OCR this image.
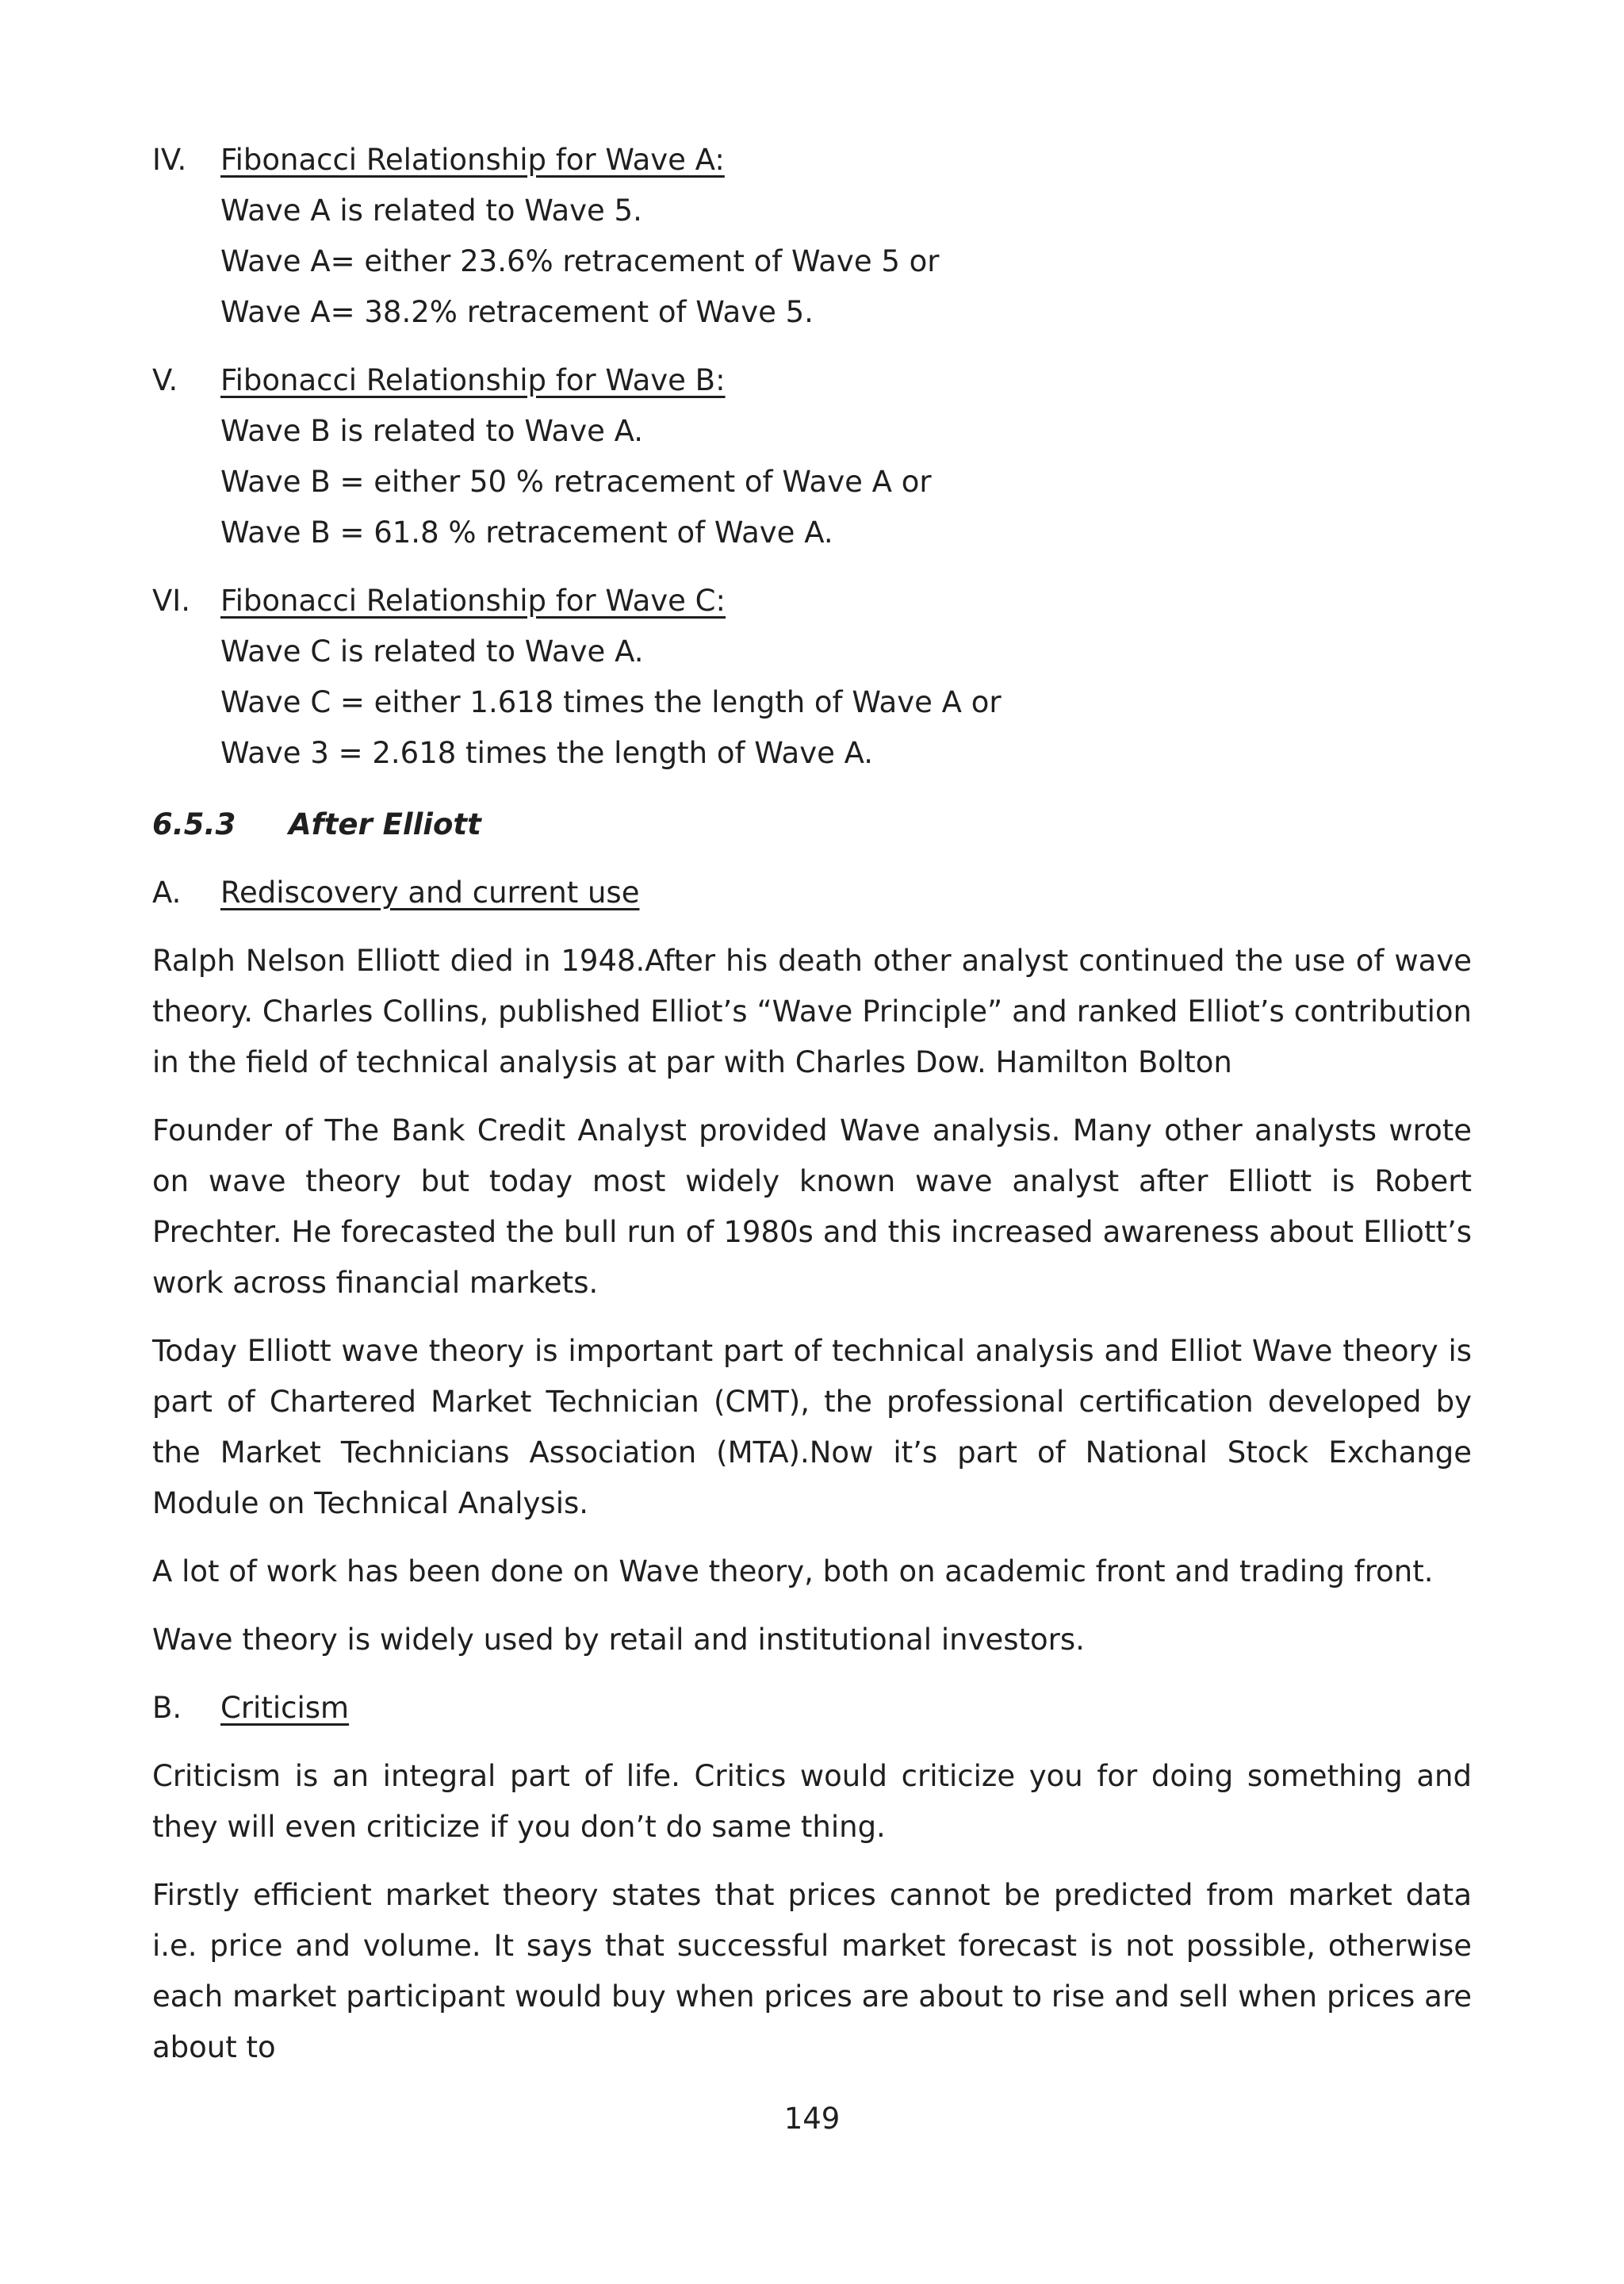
IV. Fibonacci Relationship for Wave A:
Wave A is related to Wave 5.
Wave A= either 23.6% retracement of Wave 5 or
Wave A= 38.2% retracement of Wave 5.
V. Fibonacci Relationship for Wave B:
Wave B is related to Wave A.
Wave B = either 50 % retracement of Wave A or
Wave B = 61.8 % retracement of Wave A.
VI. Fibonacci Relationship for Wave C:
Wave C is related to Wave A.
Wave C = either 1.618 times the length of Wave A or
Wave 3 = 2.618 times the length of Wave A.
6.5.3 After Elliott
A. Rediscovery and current use

Ralph Nelson Elliott died in 1948.After his death other analyst continued the use of wave theory. Charles Collins, published Elliot’s “Wave Principle” and ranked Elliot’s contribution in the field of technical analysis at par with Charles Dow. Hamilton Bolton

Founder of The Bank Credit Analyst provided Wave analysis. Many other analysts wrote on wave theory but today most widely known wave analyst after Elliott is Robert Prechter. He forecasted the bull run of 1980s and this increased awareness about Elliott’s work across financial markets.

Today Elliott wave theory is important part of technical analysis and Elliot Wave theory is part of Chartered Market Technician (CMT), the professional certification developed by the Market Technicians Association (MTA).Now it’s part of National Stock Exchange Module on Technical Analysis.

A lot of work has been done on Wave theory, both on academic front and trading front.

Wave theory is widely used by retail and institutional investors.

B. Criticism

Criticism is an integral part of life. Critics would criticize you for doing something and they will even criticize if you don’t do same thing.

Firstly efficient market theory states that prices cannot be predicted from market data i.e. price and volume. It says that successful market forecast is not possible, otherwise each market participant would buy when prices are about to rise and sell when prices are about to

149
